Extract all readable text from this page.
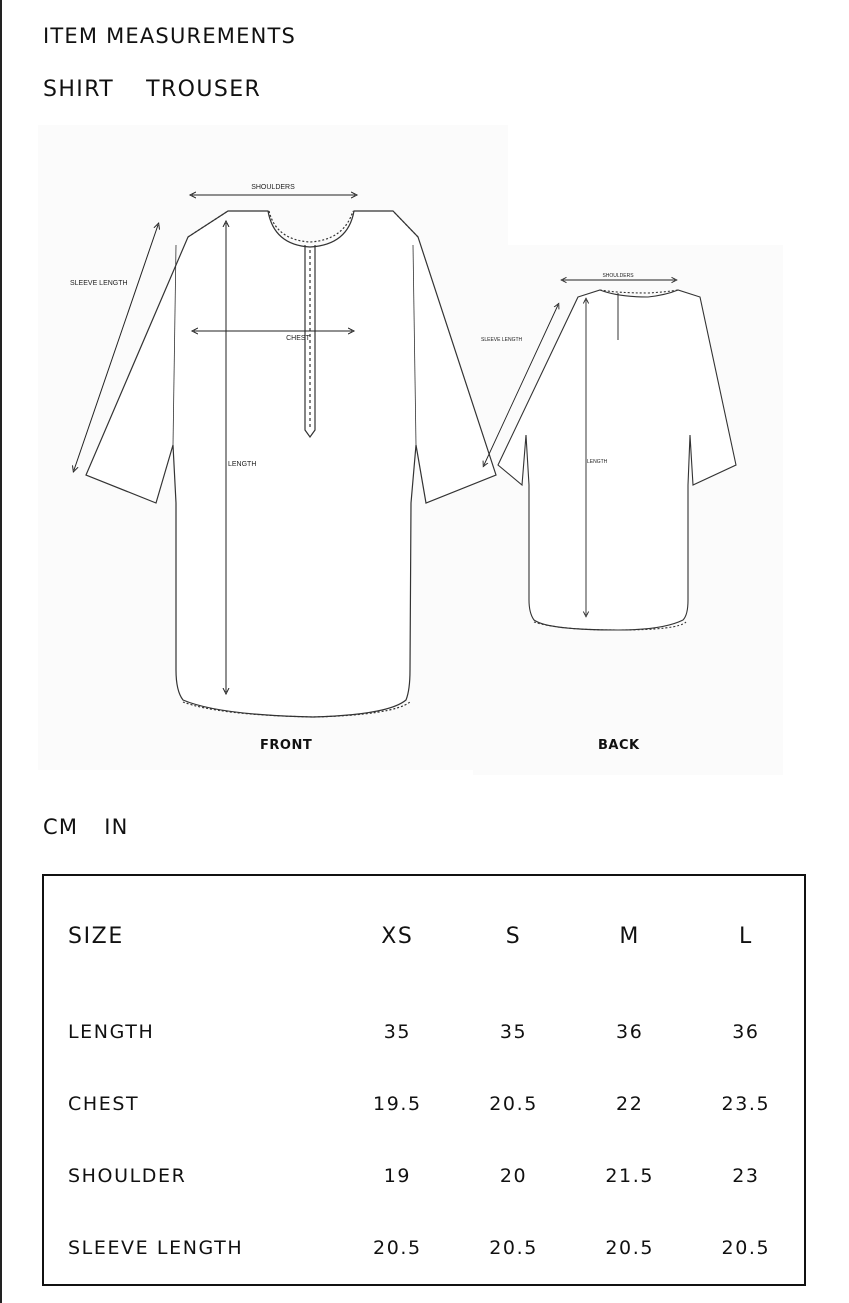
ITEM MEASUREMENTS
SHIRT TROUSER
SHOULDERS
SLEEVE LENGTH
CHEST
LENGTH
SHOULDERS
SLEEVE LENGTH
LENGTH
FRONT	BACK
CM IN
SIZE	XS	S	M	L
LENGTH	35	35	36	36
CHEST	19.5	20.5	22	23.5
SHOULDER	19	20	21.5	23
SLEEVE LENGTH	20.5	20.5	20.5	20.5
